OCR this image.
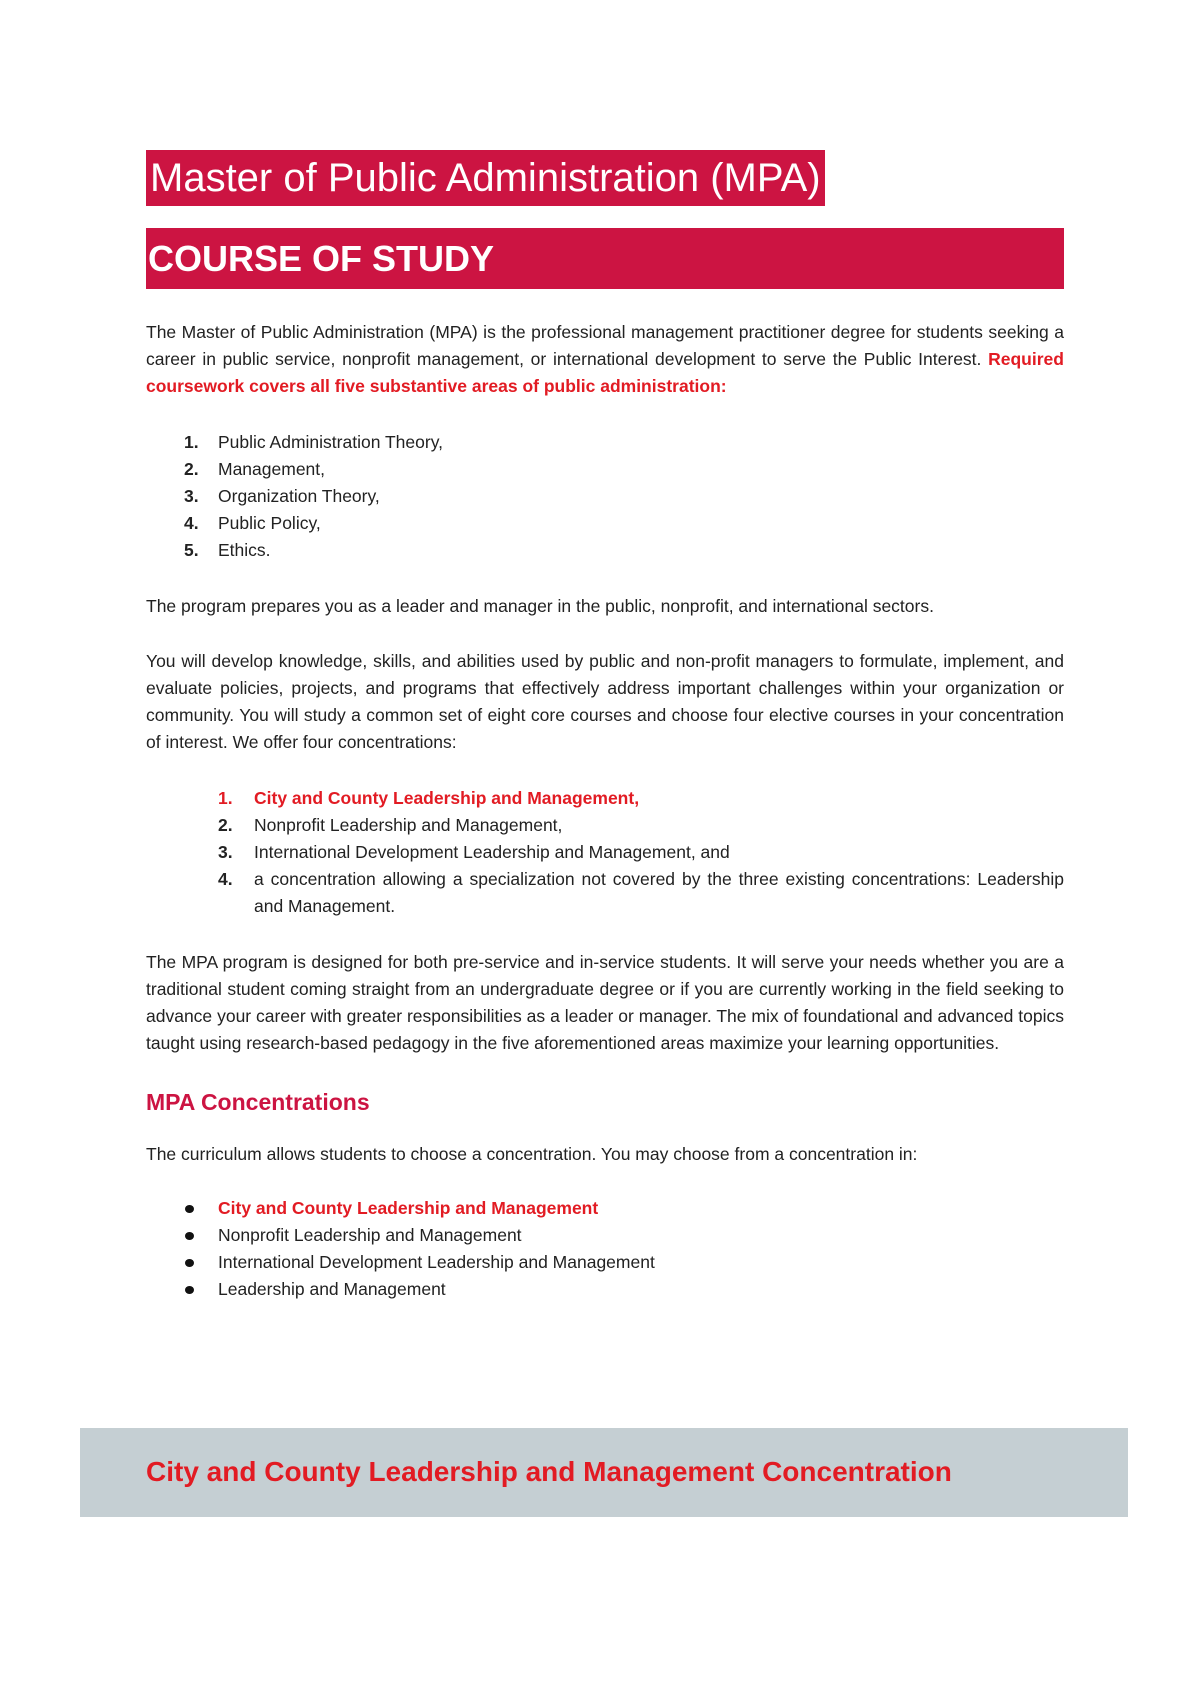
Master of Public Administration (MPA)
COURSE OF STUDY

The Master of Public Administration (MPA) is the professional management practitioner degree for students seeking a career in public service, nonprofit management, or international development to serve the Public Interest. Required coursework covers all five substantive areas of public administration:

1. Public Administration Theory,
2. Management,
3. Organization Theory,
4. Public Policy,
5. Ethics.

The program prepares you as a leader and manager in the public, nonprofit, and international sectors.

You will develop knowledge, skills, and abilities used by public and non-profit managers to formulate, implement, and evaluate policies, projects, and programs that effectively address important challenges within your organization or community. You will study a common set of eight core courses and choose four elective courses in your concentration of interest. We offer four concentrations:

1. City and County Leadership and Management,
2. Nonprofit Leadership and Management,
3. International Development Leadership and Management, and
4. a concentration allowing a specialization not covered by the three existing concentrations: Leadership and Management.

The MPA program is designed for both pre-service and in-service students. It will serve your needs whether you are a traditional student coming straight from an undergraduate degree or if you are currently working in the field seeking to advance your career with greater responsibilities as a leader or manager. The mix of foundational and advanced topics taught using research-based pedagogy in the five aforementioned areas maximize your learning opportunities.

MPA Concentrations

The curriculum allows students to choose a concentration. You may choose from a concentration in:

City and County Leadership and Management
Nonprofit Leadership and Management
International Development Leadership and Management
Leadership and Management
City and County Leadership and Management Concentration
